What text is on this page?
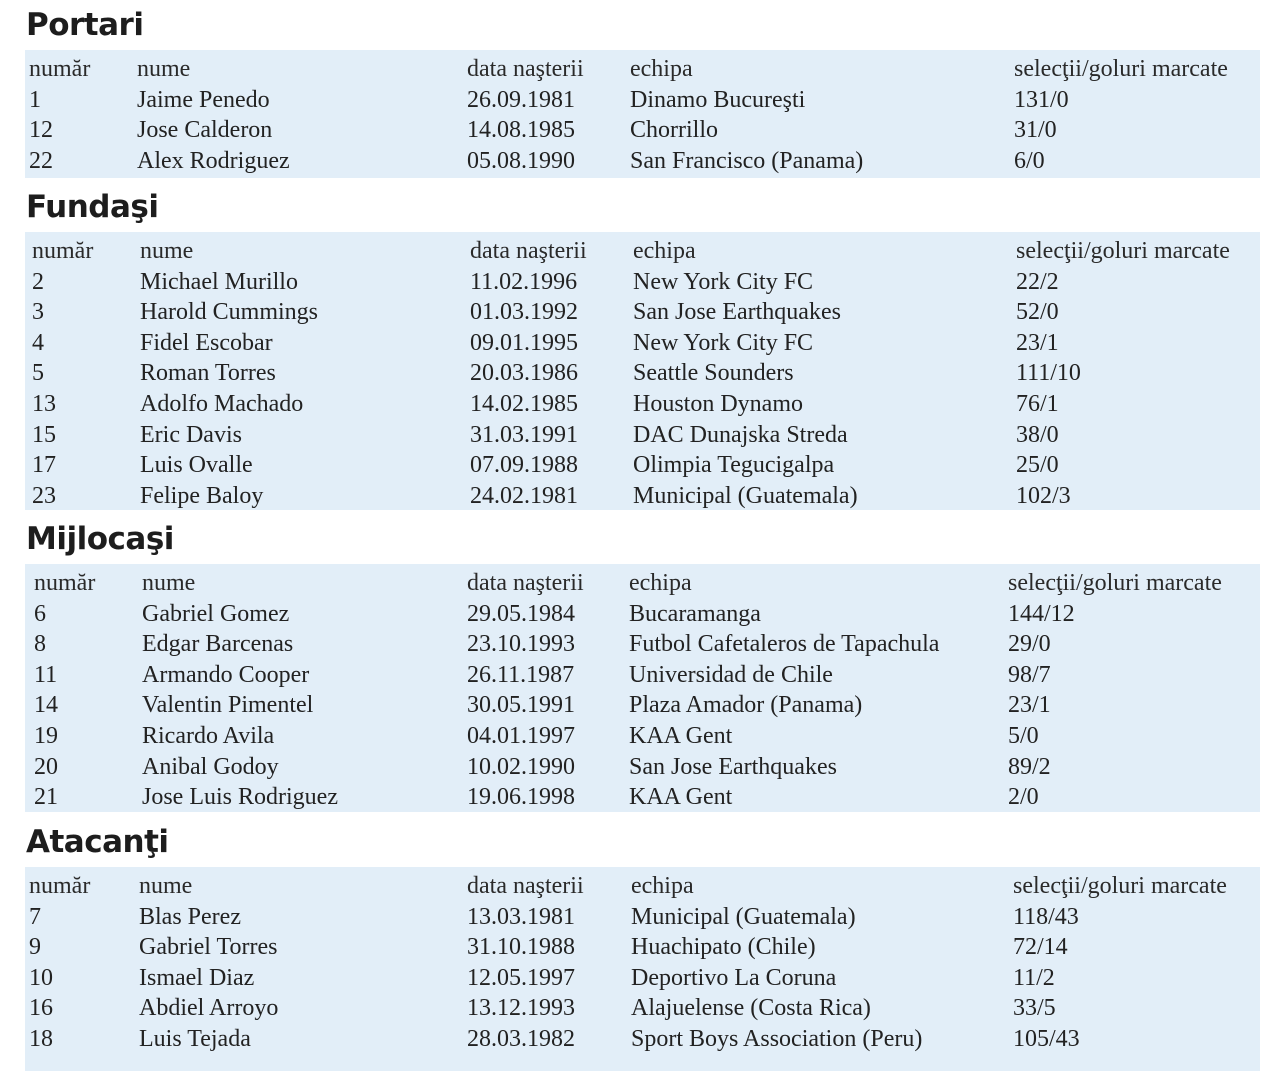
Portari
număr nume	data naşterii echipa	selecţii/goluri marcate
1	Jaime Penedo	26.09.1981 Dinamo Bucureşti	131/0
12	Jose Calderon	14.08.1985 Chorrillo	31/0
22	Alex Rodriguez	05.08.1990 San Francisco (Panama)	6/0
Fundaşi
număr nume	data naşterii echipa	selecţii/goluri marcate
2	Michael Murillo	11.02.1996 New York City FC	22/2
3	Harold Cummings	01.03.1992 San Jose Earthquakes	52/0
4	Fidel Escobar	09.01.1995 New York City FC	23/1
5	Roman Torres	20.03.1986 Seattle Sounders	111/10
13	Adolfo Machado	14.02.1985 Houston Dynamo	76/1
15	Eric Davis	31.03.1991 DAC Dunajska Streda	38/0
17	Luis Ovalle	07.09.1988 Olimpia Tegucigalpa	25/0
23	Felipe Baloy	24.02.1981 Municipal (Guatemala)	102/3
Mijlocaşi
număr nume	data naşterii echipa	selecţii/goluri marcate
6	Gabriel Gomez	29.05.1984 Bucaramanga	144/12
8	Edgar Barcenas	23.10.1993 Futbol Cafetaleros de Tapachula	29/0
11	Armando Cooper	26.11.1987 Universidad de Chile	98/7
14	Valentin Pimentel	30.05.1991 Plaza Amador (Panama)	23/1
19	Ricardo Avila	04.01.1997 KAA Gent	5/0
20	Anibal Godoy	10.02.1990 San Jose Earthquakes	89/2
21	Jose Luis Rodriguez	19.06.1998 KAA Gent	2/0
Atacanţi
număr nume	data naşterii echipa	selecţii/goluri marcate
7	Blas Perez	13.03.1981 Municipal (Guatemala)	118/43
9	Gabriel Torres	31.10.1988 Huachipato (Chile)	72/14
10	Ismael Diaz	12.05.1997 Deportivo La Coruna	11/2
16	Abdiel Arroyo	13.12.1993 Alajuelense (Costa Rica)	33/5
18	Luis Tejada	28.03.1982 Sport Boys Association (Peru)	105/43
